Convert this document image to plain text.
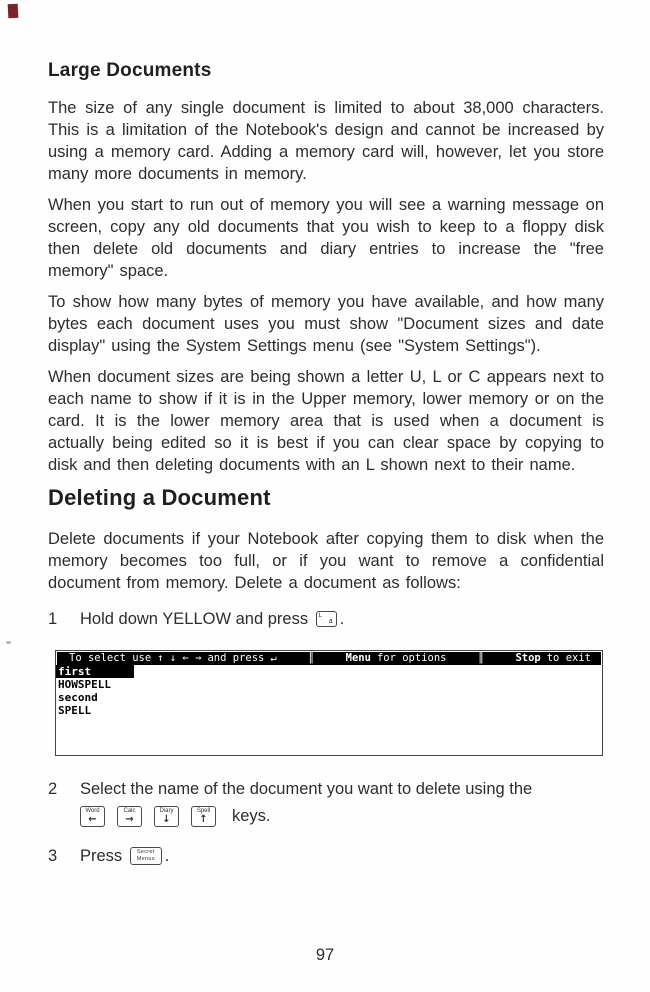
Large Documents

The size of any single document is limited to about 38,000 characters. This is a limitation of the Notebook's design and cannot be increased by using a memory card. Adding a memory card will, however, let you store many more documents in memory.

When you start to run out of memory you will see a warning message on screen, copy any old documents that you wish to keep to a floppy disk then delete old documents and diary entries to increase the "free memory" space.

To show how many bytes of memory you have available, and how many bytes each document uses you must show "Document sizes and date display" using the System Settings menu (see "System Settings").

When document sizes are being shown a letter U, L or C appears next to each name to show if it is in the Upper memory, lower memory or on the card. It is the lower memory area that is used when a document is actually being edited so it is best if you can clear space by copying to disk and then deleting documents with an L shown next to their name.

Deleting a Document

Delete documents if your Notebook after copying them to disk when the memory becomes too full, or if you want to remove a confidential document from memory. Delete a document as follows:

1	Hold down YELLOW and press L
a .
To select use ↑ ↓ ← → and press ↵	║	Menu for options	║	Stop to exit
first
HOWSPELL
second
SPELL
2	Select the name of the document you want to delete using the
Word
←
Calc
→
Diary
↓
Spell
↑ keys.
3	Press Secret
Menus .
97
